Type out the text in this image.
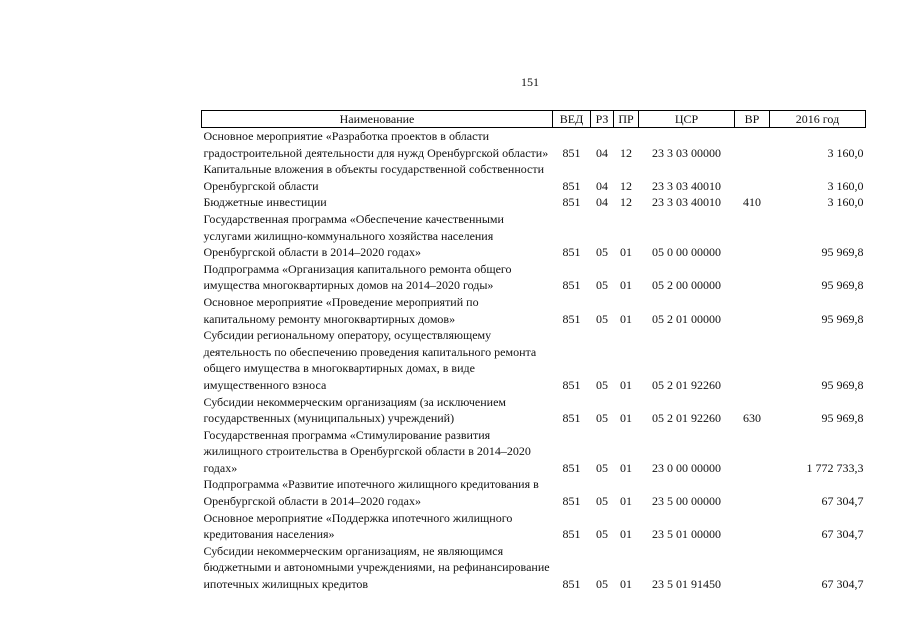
151
Наименование	ВЕД	РЗ	ПР	ЦСР	ВР	2016 год
Основное мероприятие «Разработка проектов в области градостроительной деятельности для нужд Оренбургской области»	851	04	12	23 3 03 00000		3 160,0
Капитальные вложения в объекты государственной собственности Оренбургской области	851	04	12	23 3 03 40010		3 160,0
Бюджетные инвестиции	851	04	12	23 3 03 40010	410	3 160,0
Государственная программа «Обеспечение качественными услугами жилищно-коммунального хозяйства населения Оренбургской области в 2014–2020 годах»	851	05	01	05 0 00 00000		95 969,8
Подпрограмма «Организация капитального ремонта общего имущества многоквартирных домов на 2014–2020 годы»	851	05	01	05 2 00 00000		95 969,8
Основное мероприятие «Проведение мероприятий по капитальному ремонту многоквартирных домов»	851	05	01	05 2 01 00000		95 969,8
Субсидии региональному оператору, осуществляющему деятельность по обеспечению проведения капитального ремонта общего имущества в многоквартирных домах, в виде имущественного взноса	851	05	01	05 2 01 92260		95 969,8
Субсидии некоммерческим организациям (за исключением государственных (муниципальных) учреждений)	851	05	01	05 2 01 92260	630	95 969,8
Государственная программа «Стимулирование развития жилищного строительства в Оренбургской области в 2014–2020 годах»	851	05	01	23 0 00 00000		1 772 733,3
Подпрограмма «Развитие ипотечного жилищного кредитования в Оренбургской области в 2014–2020 годах»	851	05	01	23 5 00 00000		67 304,7
Основное мероприятие «Поддержка ипотечного жилищного кредитования населения»	851	05	01	23 5 01 00000		67 304,7
Субсидии некоммерческим организациям, не являющимся бюджетными и автономными учреждениями, на рефинансирование ипотечных жилищных кредитов	851	05	01	23 5 01 91450		67 304,7
